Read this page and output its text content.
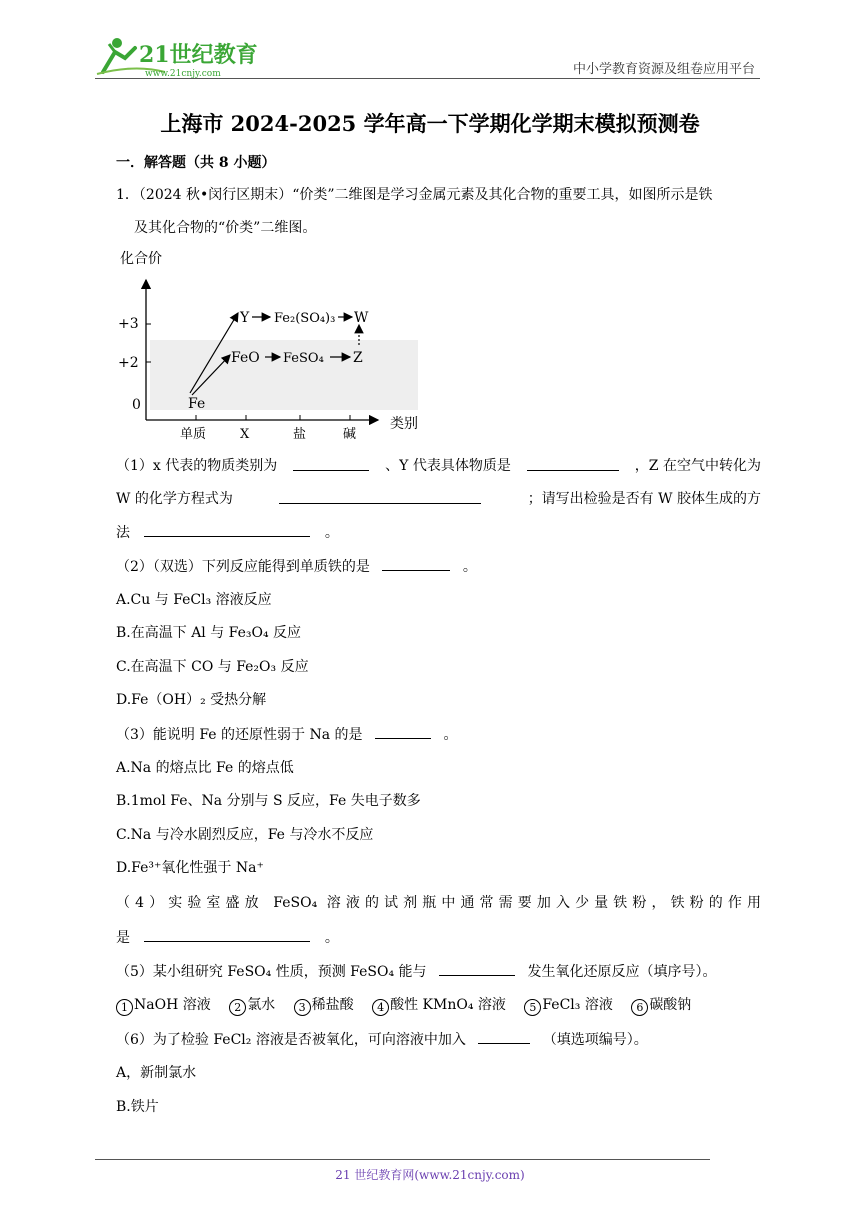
21世纪教育
www.21cnjy.com	中小学教育资源及组卷应用平台
上海市 2024-2025 学年高一下学期化学期末模拟预测卷
一．解答题（共 8 小题）
1．（2024 秋•闵行区期末）“价类”二维图是学习金属元素及其化合物的重要工具，如图所示是铁
及其化合物的“价类”二维图。
化合价
类别
+3
+2
0
单质	X	盐	碱
Fe
Y Fe₂(SO₄)₃ W
FeO FeSO₄ Z
（1）x 代表的物质类别为	、Y 代表具体物质是	，Z 在空气中转化为
W 的化学方程式为	；请写出检验是否有 W 胶体生成的方
法	。
（2）（双选）下列反应能得到单质铁的是	。
A.Cu 与 FeCl₃ 溶液反应
B.在高温下 Al 与 Fe₃O₄ 反应
C.在高温下 CO 与 Fe₂O₃ 反应
D.Fe（OH）₂ 受热分解
（3）能说明 Fe 的还原性弱于 Na 的是	。
A.Na 的熔点比 Fe 的熔点低
B.1mol Fe、Na 分别与 S 反应，Fe 失电子数多
C.Na 与冷水剧烈反应，Fe 与冷水不反应
D.Fe³⁺氧化性强于 Na⁺
（4）实验室盛放 FeSO₄ 溶液的试剂瓶中通常需要加入少量铁粉，铁粉的作用
是	。
（5）某小组研究 FeSO₄ 性质，预测 FeSO₄ 能与	发生氧化还原反应（填序号）。
1 NaOH 溶液 2 氯水 3 稀盐酸 4 酸性 KMnO₄ 溶液 5 FeCl₃ 溶液 6 碳酸钠
（6）为了检验 FeCl₂ 溶液是否被氧化，可向溶液中加入	（填选项编号）。
A，新制氯水
B.铁片
21 世纪教育网(www.21cnjy.com)
